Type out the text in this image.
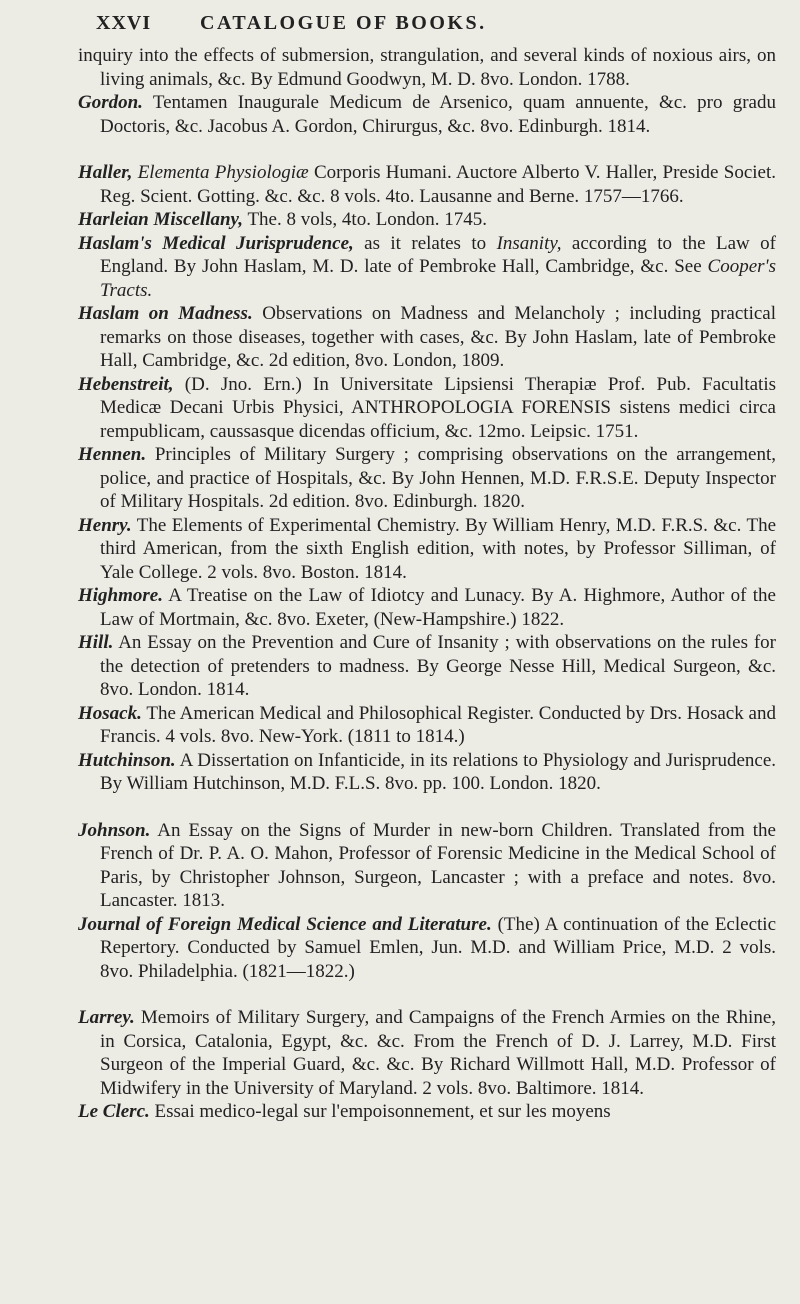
XXVI CATALOGUE OF BOOKS.
inquiry into the effects of submersion, strangulation, and several kinds of noxious airs, on living animals, &c. By Edmund Goodwyn, M. D. 8vo. London. 1788.
Gordon. Tentamen Inaugurale Medicum de Arsenico, quam annuente, &c. pro gradu Doctoris, &c. Jacobus A. Gordon, Chirurgus, &c. 8vo. Edinburgh. 1814.
Haller, Elementa Physiologiæ Corporis Humani. Auctore Alberto V. Haller, Preside Societ. Reg. Scient. Gotting. &c. &c. 8 vols. 4to. Lausanne and Berne. 1757—1766.
Harleian Miscellany, The. 8 vols, 4to. London. 1745.
Haslam's Medical Jurisprudence, as it relates to Insanity, according to the Law of England. By John Haslam, M. D. late of Pembroke Hall, Cambridge, &c. See Cooper's Tracts.
Haslam on Madness. Observations on Madness and Melancholy ; including practical remarks on those diseases, together with cases, &c. By John Haslam, late of Pembroke Hall, Cambridge, &c. 2d edition, 8vo. London, 1809.
Hebenstreit, (D. Jno. Ern.) In Universitate Lipsiensi Therapiæ Prof. Pub. Facultatis Medicæ Decani Urbis Physici, ANTHROPOLOGIA FORENSIS sistens medici circa rempublicam, caussasque dicendas officium, &c. 12mo. Leipsic. 1751.
Hennen. Principles of Military Surgery ; comprising observations on the arrangement, police, and practice of Hospitals, &c. By John Hennen, M.D. F.R.S.E. Deputy Inspector of Military Hospitals. 2d edition. 8vo. Edinburgh. 1820.
Henry. The Elements of Experimental Chemistry. By William Henry, M.D. F.R.S. &c. The third American, from the sixth English edition, with notes, by Professor Silliman, of Yale College. 2 vols. 8vo. Boston. 1814.
Highmore. A Treatise on the Law of Idiotcy and Lunacy. By A. Highmore, Author of the Law of Mortmain, &c. 8vo. Exeter, (New-Hampshire.) 1822.
Hill. An Essay on the Prevention and Cure of Insanity ; with observations on the rules for the detection of pretenders to madness. By George Nesse Hill, Medical Surgeon, &c. 8vo. London. 1814.
Hosack. The American Medical and Philosophical Register. Conducted by Drs. Hosack and Francis. 4 vols. 8vo. New-York. (1811 to 1814.)
Hutchinson. A Dissertation on Infanticide, in its relations to Physiology and Jurisprudence. By William Hutchinson, M.D. F.L.S. 8vo. pp. 100. London. 1820.
Johnson. An Essay on the Signs of Murder in new-born Children. Translated from the French of Dr. P. A. O. Mahon, Professor of Forensic Medicine in the Medical School of Paris, by Christopher Johnson, Surgeon, Lancaster ; with a preface and notes. 8vo. Lancaster. 1813.
Journal of Foreign Medical Science and Literature. (The) A continuation of the Eclectic Repertory. Conducted by Samuel Emlen, Jun. M.D. and William Price, M.D. 2 vols. 8vo. Philadelphia. (1821—1822.)
Larrey. Memoirs of Military Surgery, and Campaigns of the French Armies on the Rhine, in Corsica, Catalonia, Egypt, &c. &c. From the French of D. J. Larrey, M.D. First Surgeon of the Imperial Guard, &c. &c. By Richard Willmott Hall, M.D. Professor of Midwifery in the University of Maryland. 2 vols. 8vo. Baltimore. 1814.
Le Clerc. Essai medico-legal sur l'empoisonnement, et sur les moyens
